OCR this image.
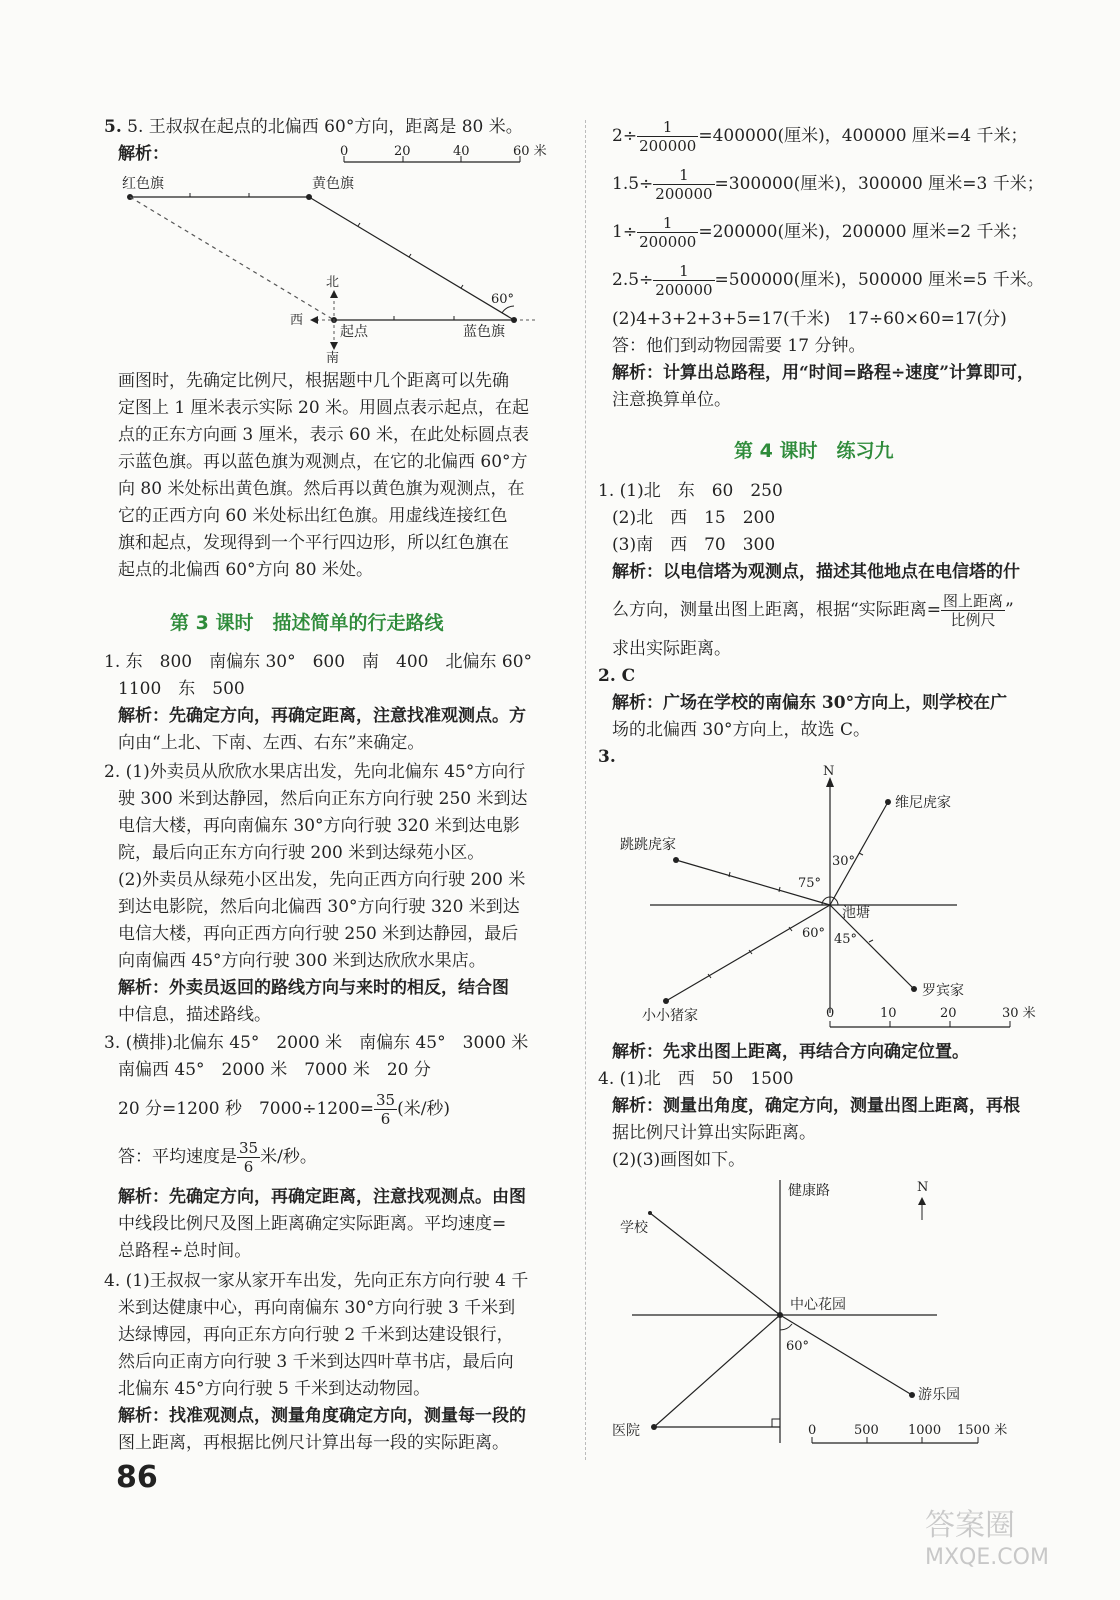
5. 5. 王叔叔在起点的北偏西 60°方向，距离是 80 米。
解析：	0	20	40	60 米
红色旗	黄色旗
北
西
南
起点	蓝色旗
60°
画图时，先确定比例尺，根据题中几个距离可以先确
定图上 1 厘米表示实际 20 米。用圆点表示起点，在起
点的正东方向画 3 厘米，表示 60 米，在此处标圆点表
示蓝色旗。再以蓝色旗为观测点，在它的北偏西 60°方
向 80 米处标出黄色旗。然后再以黄色旗为观测点，在
它的正西方向 60 米处标出红色旗。用虚线连接红色
旗和起点，发现得到一个平行四边形，所以红色旗在
起点的北偏西 60°方向 80 米处。
第 3 课时　描述简单的行走路线
1. 东　800　南偏东 30°　600　南　400　北偏东 60°
1100　东　500
解析：先确定方向，再确定距离，注意找准观测点。方
向由“上北、下南、左西、右东”来确定。
2. (1)外卖员从欣欣水果店出发，先向北偏东 45°方向行
驶 300 米到达静园，然后向正东方向行驶 250 米到达
电信大楼，再向南偏东 30°方向行驶 320 米到达电影
院，最后向正东方向行驶 200 米到达绿苑小区。
(2)外卖员从绿苑小区出发，先向正西方向行驶 200 米
到达电影院，然后向北偏西 30°方向行驶 320 米到达
电信大楼，再向正西方向行驶 250 米到达静园，最后
向南偏西 45°方向行驶 300 米到达欣欣水果店。
解析：外卖员返回的路线方向与来时的相反，结合图
中信息，描述路线。
3. (横排)北偏东 45°　2000 米　南偏东 45°　3000 米
南偏西 45°　2000 米　7000 米　20 分
20 分=1200 秒　$7000\div 1200= \frac{35}{6}$ (米/秒)
答：平均速度是 $\frac{35}{6}$ 米/秒。
解析：先确定方向，再确定距离，注意找观测点。由图
中线段比例尺及图上距离确定实际距离。平均速度=
总路程÷总时间。
4. (1)王叔叔一家从家开车出发，先向正东方向行驶 4 千
米到达健康中心，再向南偏东 30°方向行驶 3 千米到
达绿博园，再向正东方向行驶 2 千米到达建设银行，
然后向正南方向行驶 3 千米到达四叶草书店，最后向
北偏东 45°方向行驶 5 千米到达动物园。
解析：找准观测点，测量角度确定方向，测量每一段的
图上距离，再根据比例尺计算出每一段的实际距离。
$2\div \frac{1}{200000} =400000$(厘米)，400000 厘米=4 千米；
$1.5\div \frac{1}{200000} =300000$(厘米)，300000 厘米=3 千米；
$1\div \frac{1}{200000} =200000$(厘米)，200000 厘米=2 千米；
$2.5\div \frac{1}{200000} =500000$(厘米)，500000 厘米=5 千米。
(2)4+3+2+3+5=17(千米)　17÷60×60=17(分)
答：他们到动物园需要 17 分钟。
解析：计算出总路程，用“时间=路程÷速度”计算即可，
注意换算单位。
第 4 课时　练习九
1. (1)北　东　60　250
(2)北　西　15　200
(3)南　西　70　300
解析：以电信塔为观测点，描述其他地点在电信塔的什
么方向，测量出图上距离，根据“实际距离= $\frac{\text{图上距离}}{\text{比例尺}}$ ”
求出实际距离。
2. C
解析：广场在学校的南偏东 30°方向上，则学校在广
场的北偏西 30°方向上，故选 C。
3.
N
维尼虎家
30°
跳跳虎家
75°
池塘
小小猪家
60° 45°
罗宾家
0	10	20	30 米
解析：先求出图上距离，再结合方向确定位置。
4. (1)北　西　50　1500
解析：测量出角度，确定方向，测量出图上距离，再根
据比例尺计算出实际距离。
(2)(3)画图如下。
健康路	N
学校
中心花园
60°
游乐园
医院	0	500 1000 1500 米
86
答案圈
MXQE.COM
